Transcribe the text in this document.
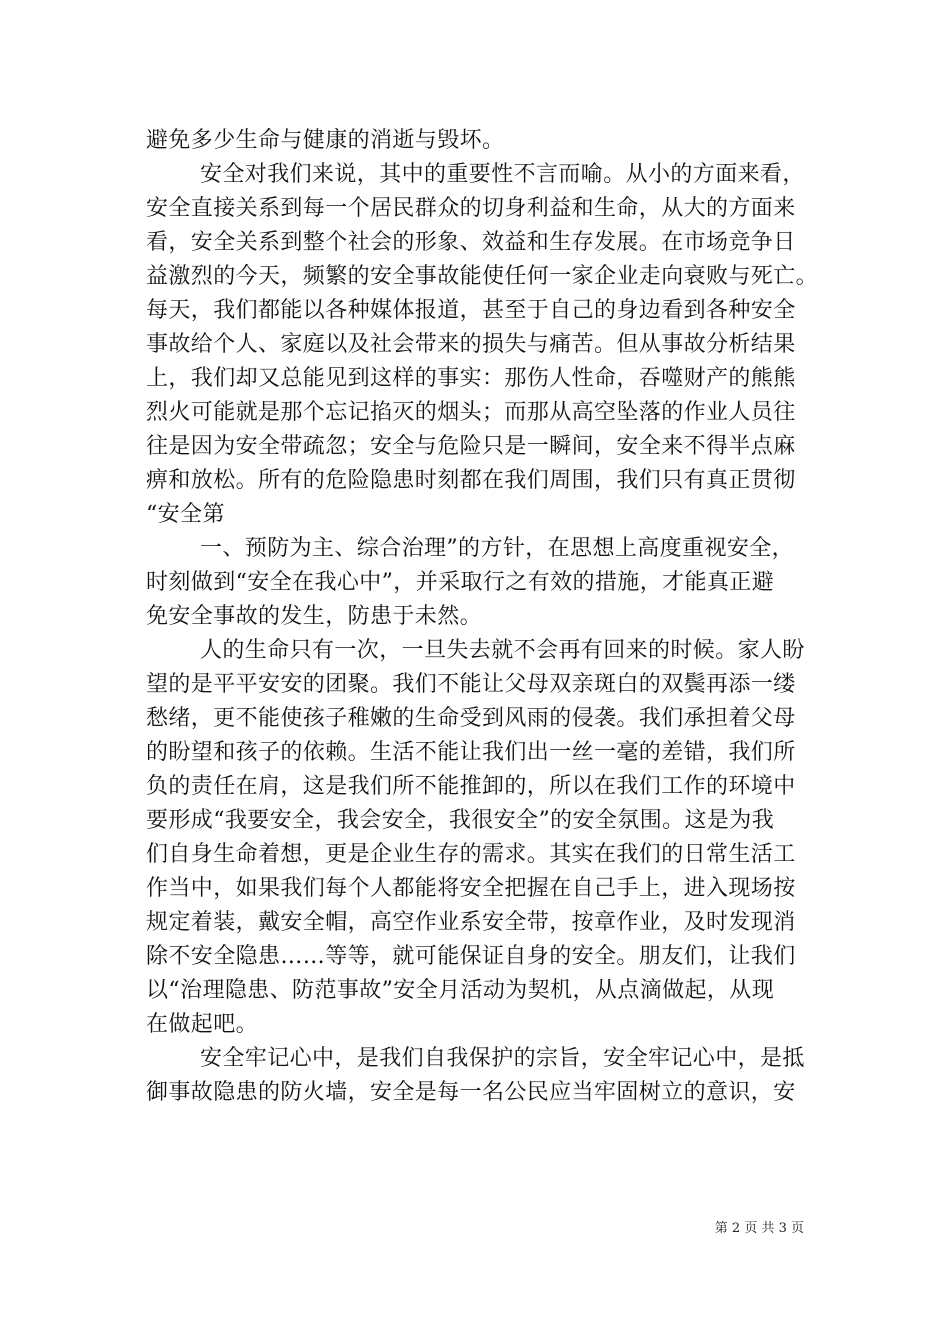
避免多少生命与健康的消逝与毁坏。
安全对我们来说，其中的重要性不言而喻。从小的方面来看，
安全直接关系到每一个居民群众的切身利益和生命，从大的方面来
看，安全关系到整个社会的形象、效益和生存发展。在市场竞争日
益激烈的今天，频繁的安全事故能使任何一家企业走向衰败与死亡。
每天，我们都能以各种媒体报道，甚至于自己的身边看到各种安全
事故给个人、家庭以及社会带来的损失与痛苦。但从事故分析结果
上，我们却又总能见到这样的事实：那伤人性命，吞噬财产的熊熊
烈火可能就是那个忘记掐灭的烟头；而那从高空坠落的作业人员往
往是因为安全带疏忽；安全与危险只是一瞬间，安全来不得半点麻
痹和放松。所有的危险隐患时刻都在我们周围，我们只有真正贯彻
“安全第
一、预防为主、综合治理”的方针，在思想上高度重视安全，
时刻做到“安全在我心中”，并采取行之有效的措施，才能真正避
免安全事故的发生，防患于未然。
人的生命只有一次，一旦失去就不会再有回来的时候。家人盼
望的是平平安安的团聚。我们不能让父母双亲斑白的双鬓再添一缕
愁绪，更不能使孩子稚嫩的生命受到风雨的侵袭。我们承担着父母
的盼望和孩子的依赖。生活不能让我们出一丝一毫的差错，我们所
负的责任在肩，这是我们所不能推卸的，所以在我们工作的环境中
要形成“我要安全，我会安全，我很安全”的安全氛围。这是为我
们自身生命着想，更是企业生存的需求。其实在我们的日常生活工
作当中，如果我们每个人都能将安全把握在自己手上，进入现场按
规定着装，戴安全帽，高空作业系安全带，按章作业，及时发现消
除不安全隐患……等等，就可能保证自身的安全。朋友们，让我们
以“治理隐患、防范事故”安全月活动为契机，从点滴做起，从现
在做起吧。
安全牢记心中，是我们自我保护的宗旨，安全牢记心中，是抵
御事故隐患的防火墙，安全是每一名公民应当牢固树立的意识，安
第 2 页 共 3 页
